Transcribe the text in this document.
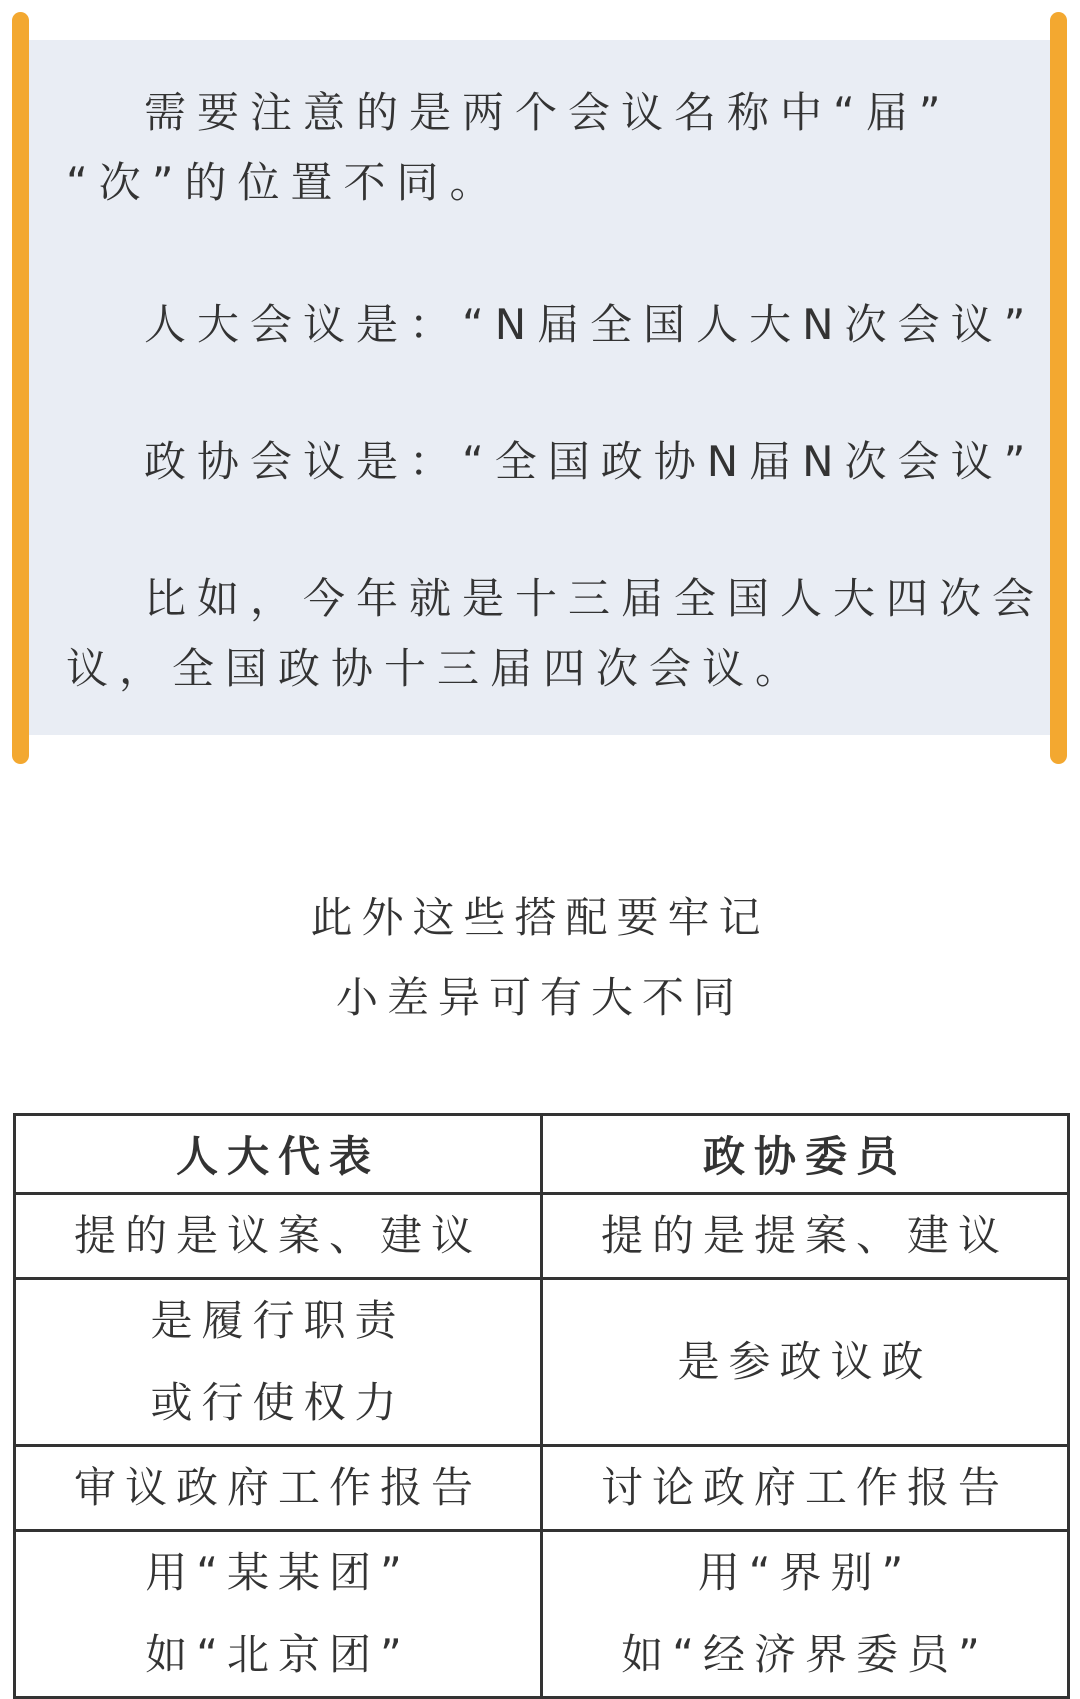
需要注意的是两个会议名称中“届”
“次”的位置不同。
人大会议是：“N届全国人大N次会议”
政协会议是：“全国政协N届N次会议”
比如，今年就是十三届全国人大四次会
议，全国政协十三届四次会议。
此外这些搭配要牢记
小差异可有大不同
人大代表	政协委员

提的是议案、建议	提的是提案、建议

是履行职责
或行使权力	是参政议政

审议政府工作报告	讨论政府工作报告

用“某某团”
如“北京团”	用“界别”
如“经济界委员”
